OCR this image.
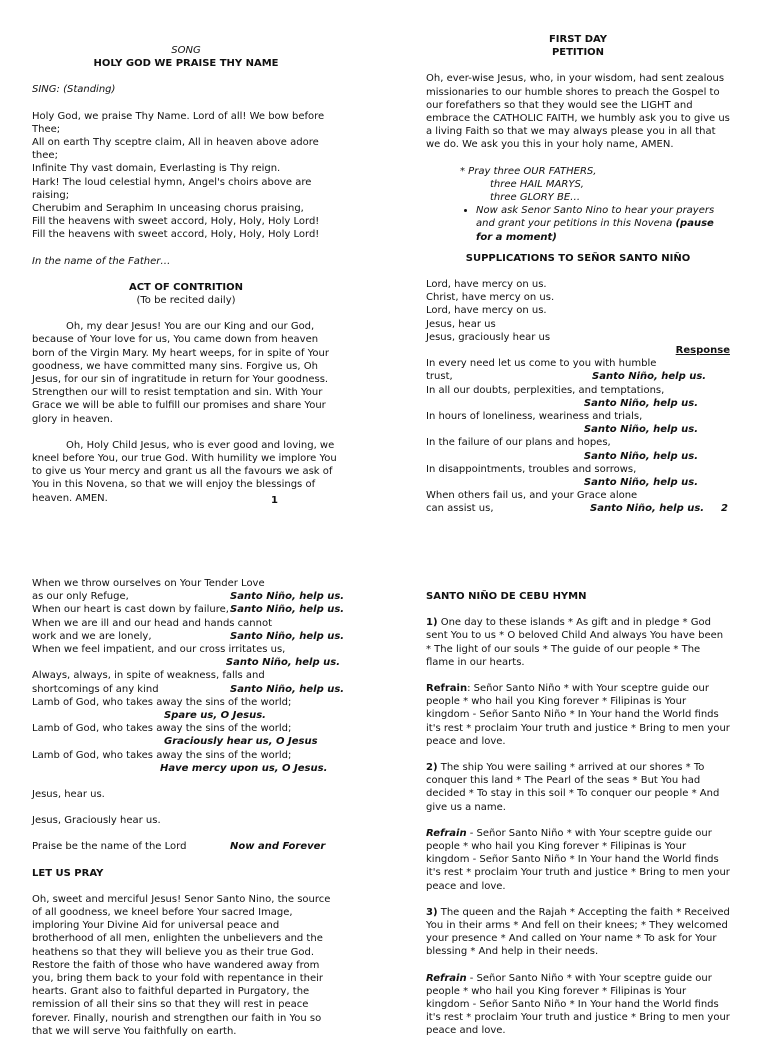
SONG

HOLY GOD WE PRAISE THY NAME

SING: (Standing)

Holy God, we praise Thy Name. Lord of all! We bow before Thee;

All on earth Thy sceptre claim, All in heaven above adore thee;

Infinite Thy vast domain, Everlasting is Thy reign.

Hark! The loud celestial hymn, Angel's choirs above are raising;

Cherubim and Seraphim In unceasing chorus praising,

Fill the heavens with sweet accord, Holy, Holy, Holy Lord!

Fill the heavens with sweet accord, Holy, Holy, Holy Lord!

In the name of the Father…

ACT OF CONTRITION

(To be recited daily)

Oh, my dear Jesus! You are our King and our God, because of Your love for us, You came down from heaven born of the Virgin Mary. My heart weeps, for in spite of Your goodness, we have committed many sins. Forgive us, Oh Jesus, for our sin of ingratitude in return for Your goodness. Strengthen our will to resist temptation and sin. With Your Grace we will be able to fulfill our promises and share Your glory in heaven.

Oh, Holy Child Jesus, who is ever good and loving, we kneel before You, our true God. With humility we implore You to give us Your mercy and grant us all the favours we ask of You in this Novena, so that we will enjoy the blessings of heaven. AMEN.	1

FIRST DAY

PETITION

Oh, ever-wise Jesus, who, in your wisdom, had sent zealous missionaries to our humble shores to preach the Gospel to our forefathers so that they would see the LIGHT and embrace the CATHOLIC FAITH, we humbly ask you to give us a living Faith so that we may always please you in all that we do. We ask you this in your holy name, AMEN.

* Pray three OUR FATHERS,

three HAIL MARYS,

three GLORY BE…

• Now ask Senor Santo Nino to hear your prayers and grant your petitions in this Novena (pause for a moment)

SUPPLICATIONS TO SEÑOR SANTO NIÑO

Lord, have mercy on us.

Christ, have mercy on us.

Lord, have mercy on us.

Jesus, hear us

Jesus, graciously hear us

Response

In every need let us come to you with humble

trust,	Santo Niño, help us.

In all our doubts, perplexities, and temptations,

Santo Niño, help us.

In hours of loneliness, weariness and trials,

Santo Niño, help us.

In the failure of our plans and hopes,

Santo Niño, help us.

In disappointments, troubles and sorrows,

Santo Niño, help us.

When others fail us, and your Grace alone

can assist us,	Santo Niño, help us. 2

When we throw ourselves on Your Tender Love

as our only Refuge,	Santo Niño, help us.
When our heart is cast down by failure, Santo Niño, help us.

When we are ill and our head and hands cannot

work and we are lonely,	Santo Niño, help us.

When we feel impatient, and our cross irritates us,

Santo Niño, help us.

Always, always, in spite of weakness, falls and

shortcomings of any kind	Santo Niño, help us.

Lamb of God, who takes away the sins of the world;

Spare us, O Jesus.

Lamb of God, who takes away the sins of the world;

Graciously hear us, O Jesus

Lamb of God, who takes away the sins of the world;

Have mercy upon us, O Jesus.

Jesus, hear us.

Jesus, Graciously hear us.

Praise be the name of the Lord	Now and Forever

LET US PRAY

Oh, sweet and merciful Jesus! Senor Santo Nino, the source of all goodness, we kneel before Your sacred Image, imploring Your Divine Aid for universal peace and brotherhood of all men, enlighten the unbelievers and the heathens so that they will believe you as their true God. Restore the faith of those who have wandered away from you, bring them back to your fold with repentance in their hearts. Grant also to faithful departed in Purgatory, the remission of all their sins so that they will rest in peace forever. Finally, nourish and strengthen our faith in You so that we will serve You faithfully on earth.

SANTO NIÑO DE CEBU HYMN

1) One day to these islands * As gift and in pledge * God sent You to us * O beloved Child And always You have been * The light of our souls * The guide of our people * The flame in our hearts.

Refrain: Señor Santo Niño * with Your sceptre guide our people * who hail you King forever * Filipinas is Your kingdom - Señor Santo Niño * In Your hand the World finds it's rest * proclaim Your truth and justice * Bring to men your peace and love.

2) The ship You were sailing * arrived at our shores * To conquer this land * The Pearl of the seas * But You had decided * To stay in this soil * To conquer our people * And give us a name.

Refrain - Señor Santo Niño * with Your sceptre guide our people * who hail you King forever * Filipinas is Your kingdom - Señor Santo Niño * In Your hand the World finds it's rest * proclaim Your truth and justice * Bring to men your peace and love.

3) The queen and the Rajah * Accepting the faith * Received You in their arms * And fell on their knees; * They welcomed your presence * And called on Your name * To ask for Your blessing * And help in their needs.

Refrain - Señor Santo Niño * with Your sceptre guide our people * who hail you King forever * Filipinas is Your kingdom - Señor Santo Niño * In Your hand the World finds it's rest * proclaim Your truth and justice * Bring to men your peace and love.
